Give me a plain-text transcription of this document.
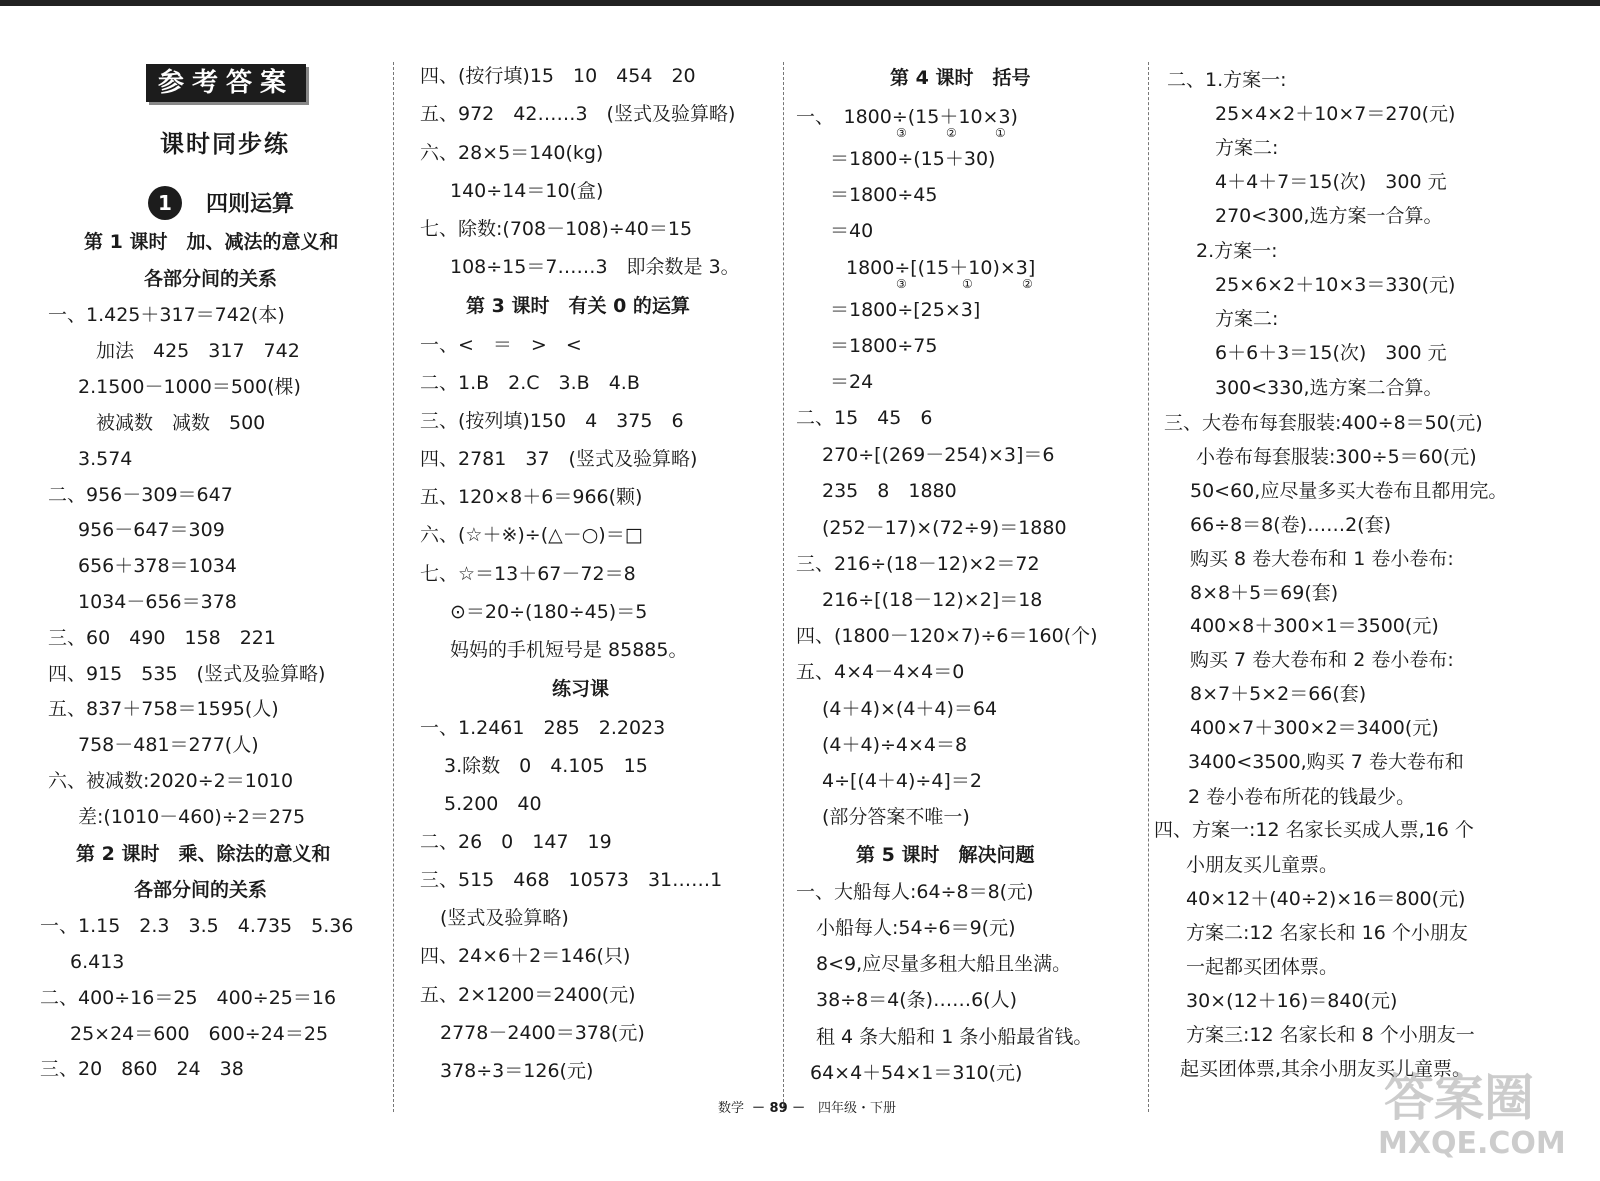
参考答案
课时同步练
1	四则运算
第 1 课时　加、减法的意义和
各部分间的关系
一、1.425＋317＝742(本)
加法　425　317　742
2.1500－1000＝500(棵)
被减数　减数　500
3.574
二、956－309＝647
956－647＝309
656＋378＝1034
1034－656＝378
三、60　490　158　221
四、915　535　(竖式及验算略)
五、837＋758＝1595(人)
758－481＝277(人)
六、被减数:2020÷2＝1010
差:(1010－460)÷2＝275
第 2 课时　乘、除法的意义和
各部分间的关系
一、1.15　2.3　3.5　4.735　5.36
6.413
二、400÷16＝25　400÷25＝16
25×24＝600　600÷24＝25
三、20　860　24　38
四、(按行填)15　10　454　20
五、972　42……3　(竖式及验算略)
六、28×5＝140(kg)
140÷14＝10(盒)
七、除数:(708－108)÷40＝15
108÷15＝7……3　即余数是 3。
第 3 课时　有关 0 的运算
一、<　＝　>　<
二、1.B　2.C　3.B　4.B
三、(按列填)150　4　375　6
四、2781　37　(竖式及验算略)
五、120×8＋6＝966(颗)
六、(☆＋※)÷(△－○)＝□
七、☆＝13＋67－72＝8
⊙＝20÷(180÷45)＝5
妈妈的手机短号是 85885。
练习课
一、1.2461　285　2.2023
3.除数　0　4.105　15
5.200　40
二、26　0　147　19
三、515　468　10573　31……1
(竖式及验算略)
四、24×6＋2＝146(只)
五、2×1200＝2400(元)
2778－2400＝378(元)
378÷3＝126(元)
第 4 课时　括号
一、　1800÷(15＋10×3)
③	②	①
＝1800÷(15＋30)
＝1800÷45
＝40
1800÷[(15＋10)×3]
③	①	②
＝1800÷[25×3]
＝1800÷75
＝24
二、15　45　6
270÷[(269－254)×3]＝6
235　8　1880
(252－17)×(72÷9)＝1880
三、216÷(18－12)×2＝72
216÷[(18－12)×2]＝18
四、(1800－120×7)÷6＝160(个)
五、4×4－4×4＝0
(4＋4)×(4＋4)＝64
(4＋4)÷4×4＝8
4÷[(4＋4)÷4]＝2
(部分答案不唯一)
第 5 课时　解决问题
一、大船每人:64÷8＝8(元)
小船每人:54÷6＝9(元)
8<9,应尽量多租大船且坐满。
38÷8＝4(条)……6(人)
租 4 条大船和 1 条小船最省钱。
64×4＋54×1＝310(元)
二、1.方案一:
25×4×2＋10×7＝270(元)
方案二:
4＋4＋7＝15(次)　300 元
270<300,选方案一合算。
2.方案一:
25×6×2＋10×3＝330(元)
方案二:
6＋6＋3＝15(次)　300 元
300<330,选方案二合算。
三、大卷布每套服装:400÷8＝50(元)
小卷布每套服装:300÷5＝60(元)
50<60,应尽量多买大卷布且都用完。
66÷8＝8(卷)……2(套)
购买 8 卷大卷布和 1 卷小卷布:
8×8＋5＝69(套)
400×8＋300×1＝3500(元)
购买 7 卷大卷布和 2 卷小卷布:
8×7＋5×2＝66(套)
400×7＋300×2＝3400(元)
3400<3500,购买 7 卷大卷布和
2 卷小卷布所花的钱最少。
四、方案一:12 名家长买成人票,16 个
小朋友买儿童票。
40×12＋(40÷2)×16＝800(元)
方案二:12 名家长和 16 个小朋友
一起都买团体票。
30×(12＋16)＝840(元)
方案三:12 名家长和 8 个小朋友一
起买团体票,其余小朋友买儿童票。
数学 － 89 － 四年级・下册	答案圈
MXQE.COM
